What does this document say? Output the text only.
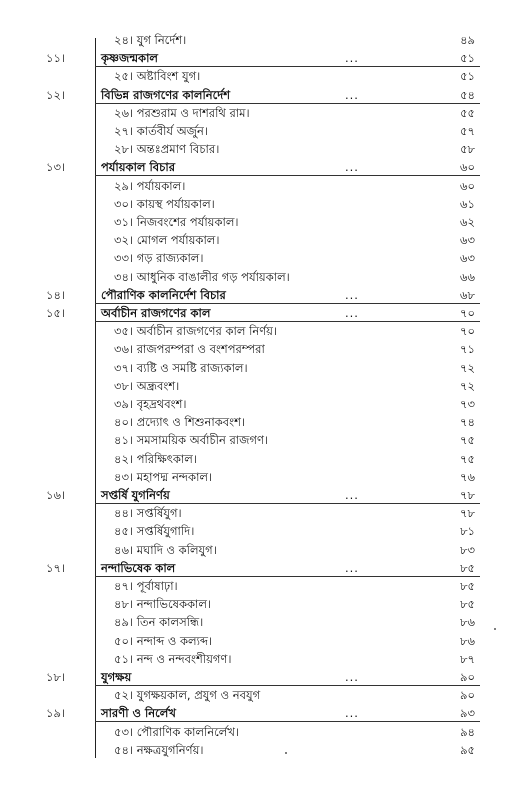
২৪। যুগ নির্দেশ।	৪৯
১১।	কৃষ্ণজন্মকাল	...	৫১
২৫। অষ্টাবিংশ যুগ।	৫১
১২।	বিভিন্ন রাজগণের কালনির্দেশ	...	৫৪
২৬। পরশুরাম ও দাশরথি রাম।	৫৫
২৭। কার্তবীর্য অর্জুন।	৫৭
২৮। অন্তঃপ্রমাণ বিচার।	৫৮
১৩।	পর্যায়কাল বিচার	...	৬০
২৯। পর্যায়কাল।	৬০
৩০। কায়স্থ পর্যায়কাল।	৬১
৩১। নিজবংশের পর্যায়কাল।	৬২
৩২। মোগল পর্যায়কাল।	৬৩
৩৩। গড় রাজ্যকাল।	৬৩
৩৪। আধুনিক বাঙালীর গড় পর্যায়কাল।	৬৬
১৪।	পৌরাণিক কালনির্দেশ বিচার	...	৬৮
১৫।	অর্বাচীন রাজগণের কাল	...	৭০
৩৫। অর্বাচীন রাজগণের কাল নির্ণয়।	৭০
৩৬। রাজপরম্পরা ও বংশপরম্পরা	৭১
৩৭। ব্যষ্টি ও সমষ্টি রাজ্যকাল।	৭২
৩৮। অন্ধ্রবংশ।	৭২
৩৯। বৃহদ্রথবংশ।	৭৩
৪০। প্রদ্যোৎ ও শিশুনাকবংশ।	৭৪
৪১। সমসাময়িক অর্বাচীন রাজগণ।	৭৫
৪২। পরিক্ষিৎকাল।	৭৫
৪৩। মহাপদ্ম নন্দকাল।	৭৬
১৬।	সপ্তর্ষি যুগনির্ণয়	...	৭৮
৪৪। সপ্তর্ষিযুগ।	৭৮
৪৫। সপ্তর্ষিযুগাদি।	৮১
৪৬। মঘাদি ও কলিযুগ।	৮৩
১৭।	নন্দাভিষেক কাল	...	৮৫
৪৭। পূর্বাষাঢ়া।	৮৫
৪৮। নন্দাভিষেককাল।	৮৫
৪৯। তিন কালসন্ধি।	৮৬
৫০। নন্দাব্দ ও কল্যব্দ।	৮৬
৫১। নন্দ ও নন্দবংশীয়গণ।	৮৭
১৮।	যুগক্ষয়	...	৯০
৫২। যুগক্ষয়কাল, প্রযুগ ও নবযুগ	৯০
১৯।	সারণী ও নির্লেখ	...	৯৩
৫৩। পৌরাণিক কালনির্লেখ।	৯৪
৫৪। নক্ষত্রযুগনির্ণয়।	৯৫
